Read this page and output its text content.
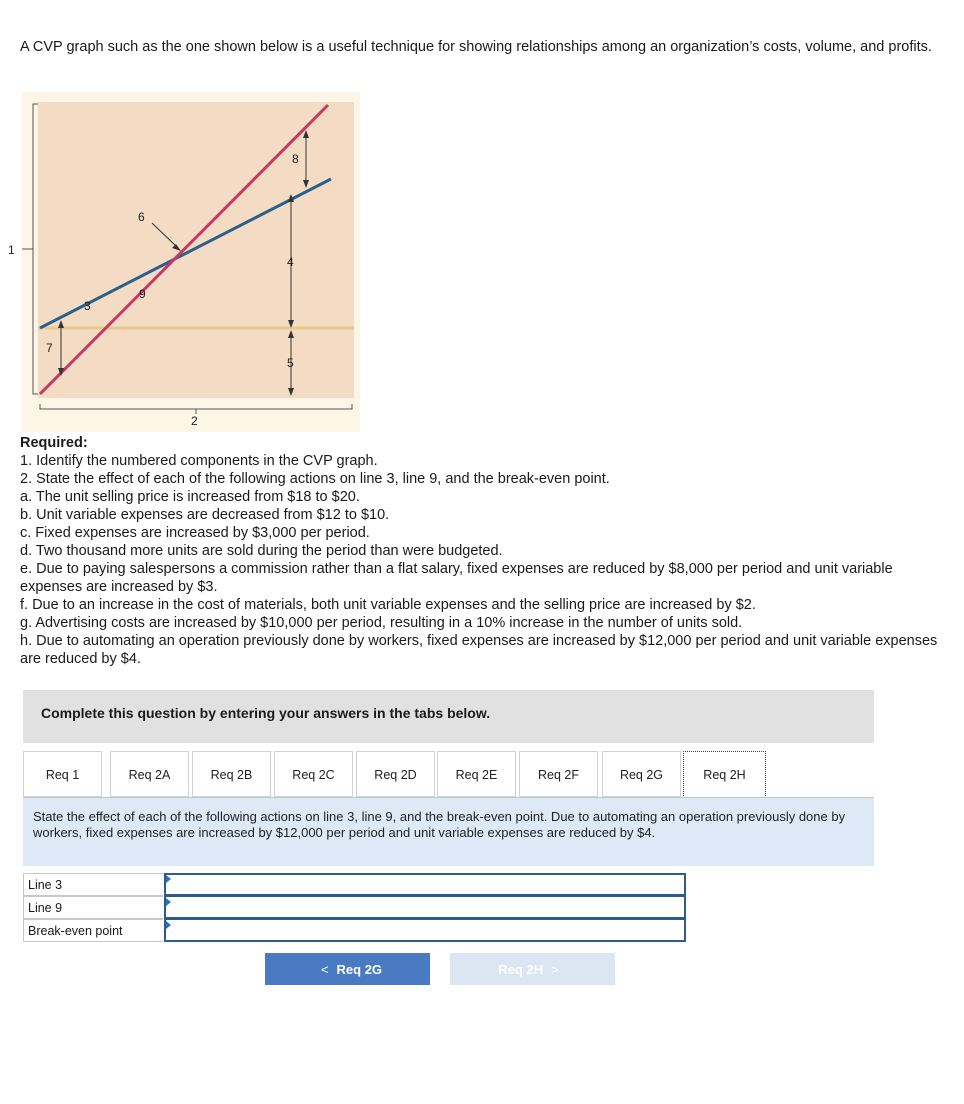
A CVP graph such as the one shown below is a useful technique for showing relationships among an organization’s costs, volume, and profits.
1
2
3
4
5
6
7
8
9

Required:

1. Identify the numbered components in the CVP graph.

2. State the effect of each of the following actions on line 3, line 9, and the break-even point.

a. The unit selling price is increased from $18 to $20.

b. Unit variable expenses are decreased from $12 to $10.

c. Fixed expenses are increased by $3,000 per period.

d. Two thousand more units are sold during the period than were budgeted.

e. Due to paying salespersons a commission rather than a flat salary, fixed expenses are reduced by $8,000 per period and unit variable expenses are increased by $3.

f. Due to an increase in the cost of materials, both unit variable expenses and the selling price are increased by $2.

g. Advertising costs are increased by $10,000 per period, resulting in a 10% increase in the number of units sold.

h. Due to automating an operation previously done by workers, fixed expenses are increased by $12,000 per period and unit variable expenses are reduced by $4.

Complete this question by entering your answers in the tabs below.
Req 1	Req 2A	Req 2B	Req 2C	Req 2D	Req 2E	Req 2F	Req 2G	Req 2H
State the effect of each of the following actions on line 3, line 9, and the break-even point. Due to automating an operation previously done by workers, fixed expenses are increased by $12,000 per period and unit variable expenses are reduced by $4.
Line 3
Line 9
Break-even point
< Req 2G	Req 2H >
